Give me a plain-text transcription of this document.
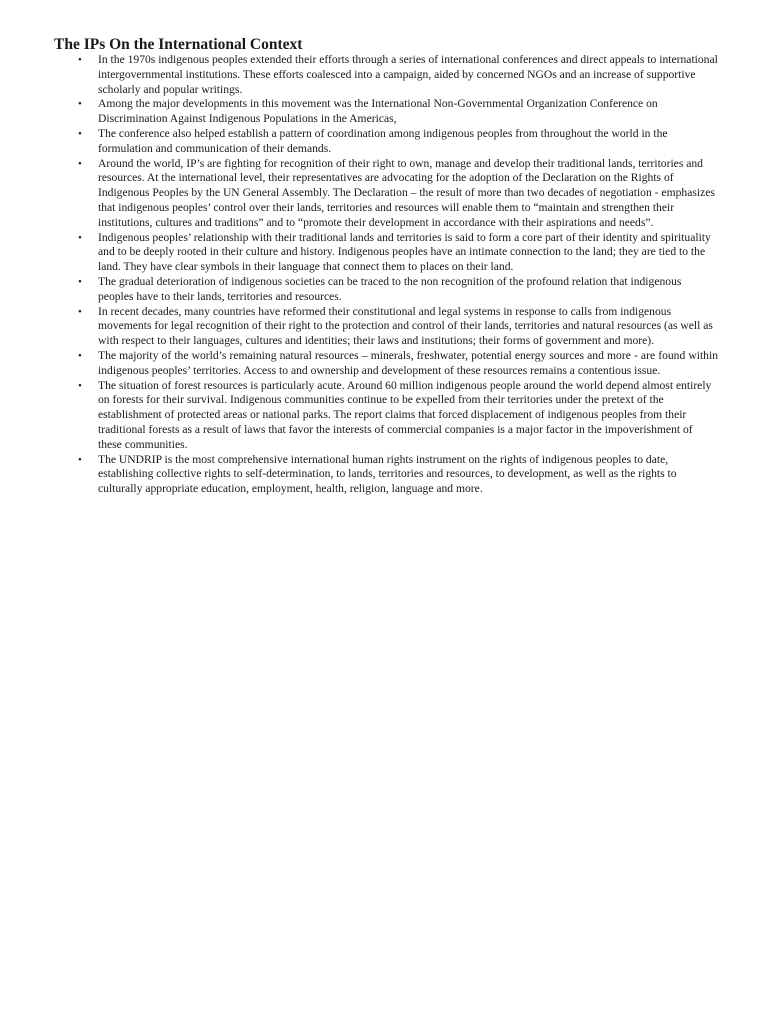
The IPs On the International Context
• In the 1970s indigenous peoples extended their efforts through a series of international conferences and direct appeals to international intergovernmental institutions. These efforts coalesced into a campaign, aided by concerned NGOs and an increase of supportive scholarly and popular writings.
• Among the major developments in this movement was the International Non-Governmental Organization Conference on Discrimination Against Indigenous Populations in the Americas,
• The conference also helped establish a pattern of coordination among indigenous peoples from throughout the world in the formulation and communication of their demands.
• Around the world, IP’s are fighting for recognition of their right to own, manage and develop their traditional lands, territories and resources. At the international level, their representatives are advocating for the adoption of the Declaration on the Rights of Indigenous Peoples by the UN General Assembly. The Declaration – the result of more than two decades of negotiation - emphasizes that indigenous peoples’ control over their lands, territories and resources will enable them to “maintain and strengthen their institutions, cultures and traditions” and to “promote their development in accordance with their aspirations and needs”.
• Indigenous peoples’ relationship with their traditional lands and territories is said to form a core part of their identity and spirituality and to be deeply rooted in their culture and history. Indigenous peoples have an intimate connection to the land; they are tied to the land. They have clear symbols in their language that connect them to places on their land.
• The gradual deterioration of indigenous societies can be traced to the non recognition of the profound relation that indigenous peoples have to their lands, territories and resources.
• In recent decades, many countries have reformed their constitutional and legal systems in response to calls from indigenous movements for legal recognition of their right to the protection and control of their lands, territories and natural resources (as well as with respect to their languages, cultures and identities; their laws and institutions; their forms of government and more).
• The majority of the world’s remaining natural resources – minerals, freshwater, potential energy sources and more - are found within indigenous peoples’ territories. Access to and ownership and development of these resources remains a contentious issue.
• The situation of forest resources is particularly acute. Around 60 million indigenous people around the world depend almost entirely on forests for their survival. Indigenous communities continue to be expelled from their territories under the pretext of the establishment of protected areas or national parks. The report claims that forced displacement of indigenous peoples from their traditional forests as a result of laws that favor the interests of commercial companies is a major factor in the impoverishment of these communities.
• The UNDRIP is the most comprehensive international human rights instrument on the rights of indigenous peoples to date, establishing collective rights to self-determination, to lands, territories and resources, to development, as well as the rights to culturally appropriate education, employment, health, religion, language and more.
